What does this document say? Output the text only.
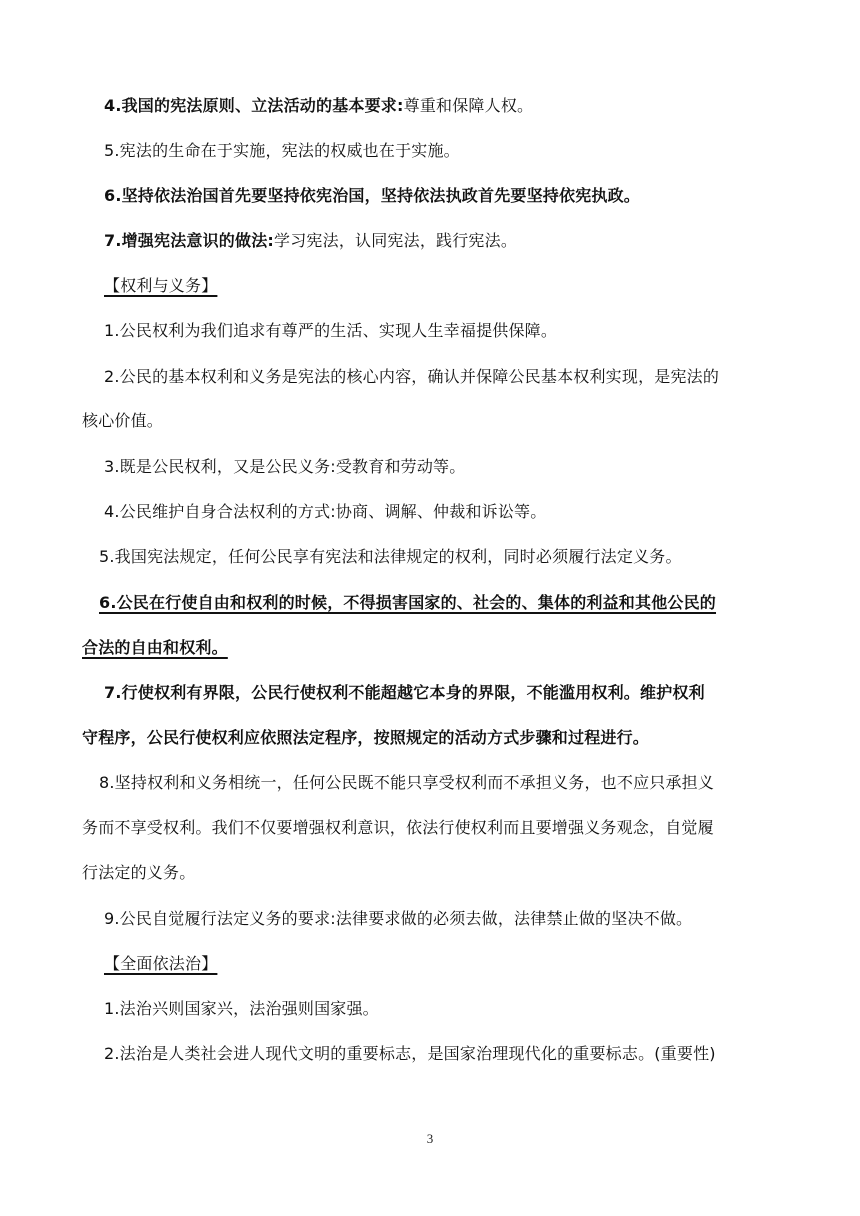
4.我国的宪法原则、立法活动的基本要求:尊重和保障人权。
5.宪法的生命在于实施，宪法的权威也在于实施。
6.坚持依法治国首先要坚持依宪治国，坚持依法执政首先要坚持依宪执政。
7.增强宪法意识的做法:学习宪法，认同宪法，践行宪法。
【权利与义务】
1.公民权利为我们追求有尊严的生活、实现人生幸福提供保障。
2.公民的基本权利和义务是宪法的核心内容，确认并保障公民基本权利实现，是宪法的
核心价值。
3.既是公民权利，又是公民义务:受教育和劳动等。
4.公民维护自身合法权利的方式:协商、调解、仲裁和诉讼等。
5.我国宪法规定，任何公民享有宪法和法律规定的权利，同时必须履行法定义务。
6.公民在行使自由和权利的时候，不得损害国家的、社会的、集体的利益和其他公民的
合法的自由和权利。
7.行使权利有界限，公民行使权利不能超越它本身的界限，不能滥用权利。维护权利
守程序，公民行使权利应依照法定程序，按照规定的活动方式步骤和过程进行。
8.坚持权利和义务相统一，任何公民既不能只享受权利而不承担义务，也不应只承担义
务而不享受权利。我们不仅要增强权利意识，依法行使权利而且要增强义务观念，自觉履
行法定的义务。
9.公民自觉履行法定义务的要求:法律要求做的必须去做，法律禁止做的坚决不做。
【全面依法治】
1.法治兴则国家兴，法治强则国家强。
2.法治是人类社会进人现代文明的重要标志，是国家治理现代化的重要标志。(重要性)
3
